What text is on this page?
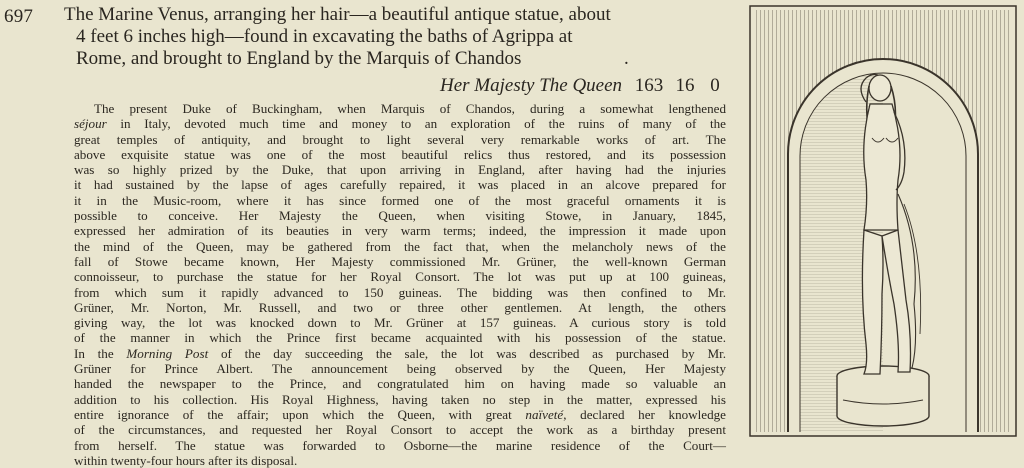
697 The Marine Venus, arranging her hair—a beautiful antique statue, about
4 feet 6 inches high—found in excavating the baths of Agrippa at
Rome, and brought to England by the Marquis of Chandos	.
Her Majesty The Queen 163 16 0
The present Duke of Buckingham, when Marquis of Chandos, during a somewhat lengthened
séjour in Italy, devoted much time and money to an exploration of the ruins of many of the
great temples of antiquity, and brought to light several very remarkable works of art. The
above exquisite statue was one of the most beautiful relics thus restored, and its possession
was so highly prized by the Duke, that upon arriving in England, after having had the injuries
it had sustained by the lapse of ages carefully repaired, it was placed in an alcove prepared for
it in the Music-room, where it has since formed one of the most graceful ornaments it is
possible to conceive. Her Majesty the Queen, when visiting Stowe, in January, 1845,
expressed her admiration of its beauties in very warm terms; indeed, the impression it made upon
the mind of the Queen, may be gathered from the fact that, when the melancholy news of the
fall of Stowe became known, Her Majesty commissioned Mr. Grüner, the well-known German
connoisseur, to purchase the statue for her Royal Consort. The lot was put up at 100 guineas,
from which sum it rapidly advanced to 150 guineas. The bidding was then confined to Mr.
Grüner, Mr. Norton, Mr. Russell, and two or three other gentlemen. At length, the others
giving way, the lot was knocked down to Mr. Grüner at 157 guineas. A curious story is told
of the manner in which the Prince first became acquainted with his possession of the statue.
In the Morning Post of the day succeeding the sale, the lot was described as purchased by Mr.
Grüner for Prince Albert. The announcement being observed by the Queen, Her Majesty
handed the newspaper to the Prince, and congratulated him on having made so valuable an
addition to his collection. His Royal Highness, having taken no step in the matter, expressed his
entire ignorance of the affair; upon which the Queen, with great naïveté, declared her knowledge
of the circumstances, and requested her Royal Consort to accept the work as a birthday present
from herself. The statue was forwarded to Osborne—the marine residence of the Court—
within twenty-four hours after its disposal.
